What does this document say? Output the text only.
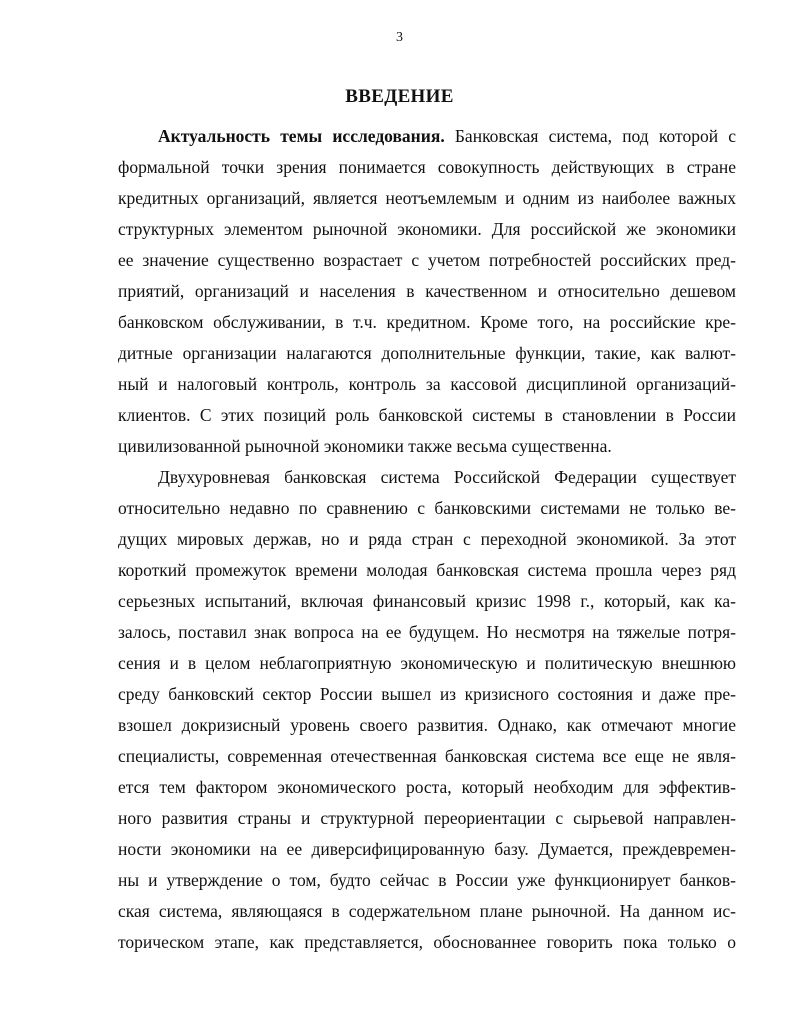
3
ВВЕДЕНИЕ
Актуальность темы исследования. Банковская система, под которой с
формальной точки зрения понимается совокупность действующих в стране
кредитных организаций, является неотъемлемым и одним из наиболее важных
структурных элементом рыночной экономики. Для российской же экономики
ее значение существенно возрастает с учетом потребностей российских пред-
приятий, организаций и населения в качественном и относительно дешевом
банковском обслуживании, в т.ч. кредитном. Кроме того, на российские кре-
дитные организации налагаются дополнительные функции, такие, как валют-
ный и налоговый контроль, контроль за кассовой дисциплиной организаций-
клиентов. С этих позиций роль банковской системы в становлении в России
цивилизованной рыночной экономики также весьма существенна.
Двухуровневая банковская система Российской Федерации существует
относительно недавно по сравнению с банковскими системами не только ве-
дущих мировых держав, но и ряда стран с переходной экономикой. За этот
короткий промежуток времени молодая банковская система прошла через ряд
серьезных испытаний, включая финансовый кризис 1998 г., который, как ка-
залось, поставил знак вопроса на ее будущем. Но несмотря на тяжелые потря-
сения и в целом неблагоприятную экономическую и политическую внешнюю
среду банковский сектор России вышел из кризисного состояния и даже пре-
взошел докризисный уровень своего развития. Однако, как отмечают многие
специалисты, современная отечественная банковская система все еще не явля-
ется тем фактором экономического роста, который необходим для эффектив-
ного развития страны и структурной переориентации с сырьевой направлен-
ности экономики на ее диверсифицированную базу. Думается, преждевремен-
ны и утверждение о том, будто сейчас в России уже функционирует банков-
ская система, являющаяся в содержательном плане рыночной. На данном ис-
торическом этапе, как представляется, обоснованнее говорить пока только о
